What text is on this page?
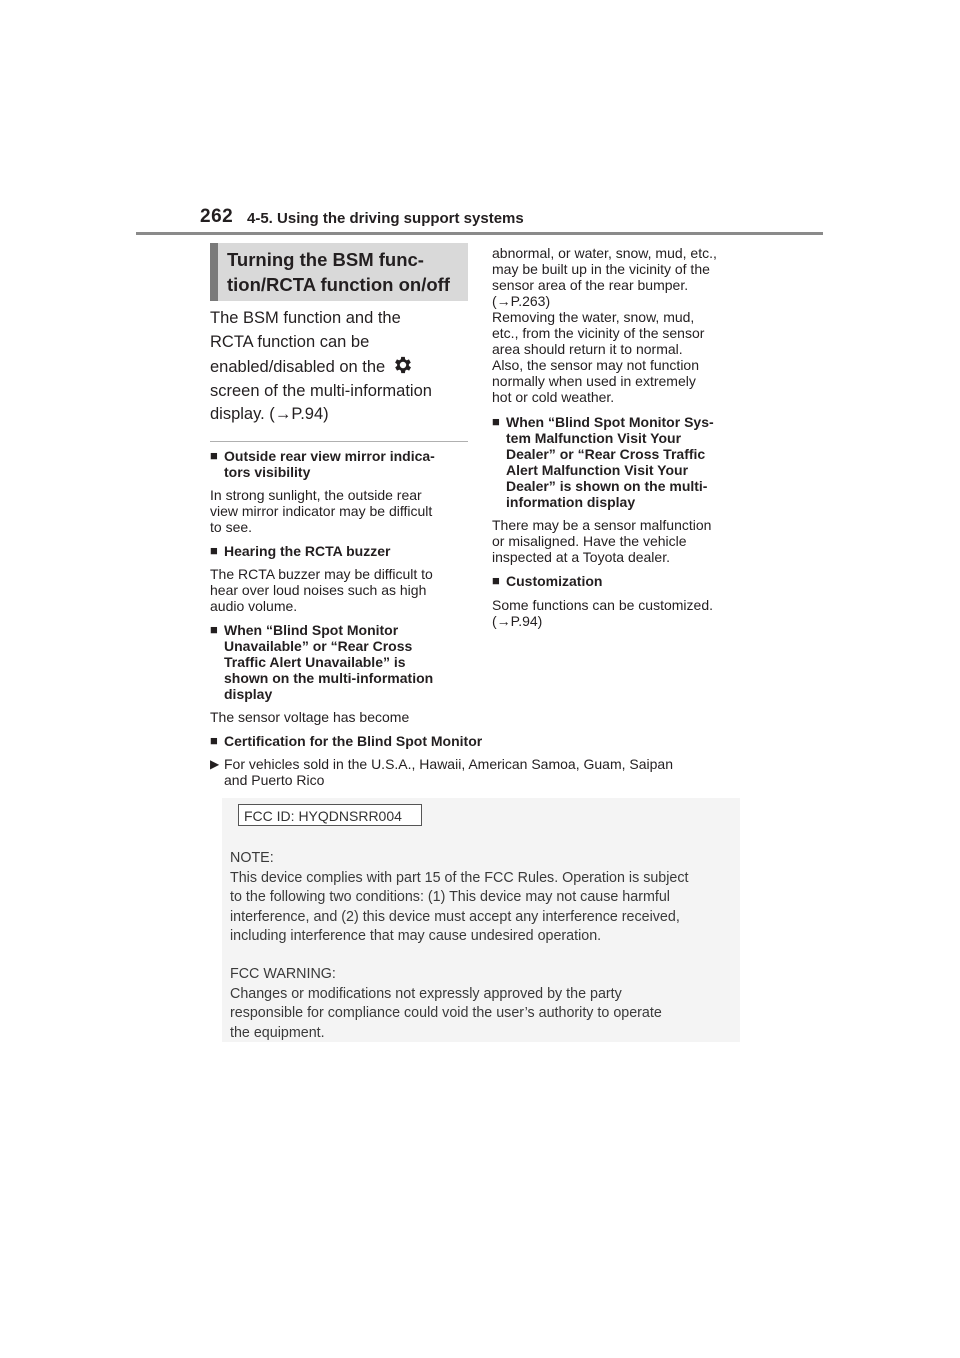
262 4-5. Using the driving support systems
Turning the BSM func-
tion/RCTA function on/off
The BSM function and the
RCTA function can be
enabled/disabled on the
screen of the multi-information
display. (→P.94)
■ Outside rear view mirror indica-
tors visibility
In strong sunlight, the outside rear
view mirror indicator may be difficult
to see.
■ Hearing the RCTA buzzer
The RCTA buzzer may be difficult to
hear over loud noises such as high
audio volume.
■ When “Blind Spot Monitor
Unavailable” or “Rear Cross
Traffic Alert Unavailable” is
shown on the multi-information
display
The sensor voltage has become
abnormal, or water, snow, mud, etc.,
may be built up in the vicinity of the
sensor area of the rear bumper.
(→P.263)
Removing the water, snow, mud,
etc., from the vicinity of the sensor
area should return it to normal.
Also, the sensor may not function
normally when used in extremely
hot or cold weather.
■ When “Blind Spot Monitor Sys-
tem Malfunction Visit Your
Dealer” or “Rear Cross Traffic
Alert Malfunction Visit Your
Dealer” is shown on the multi-
information display
There may be a sensor malfunction
or misaligned. Have the vehicle
inspected at a Toyota dealer.
■ Customization
Some functions can be customized.
(→P.94)
■ Certification for the Blind Spot Monitor
▶ For vehicles sold in the U.S.A., Hawaii, American Samoa, Guam, Saipan
and Puerto Rico
FCC ID: HYQDNSRR004
NOTE:
This device complies with part 15 of the FCC Rules. Operation is subject
to the following two conditions: (1) This device may not cause harmful
interference, and (2) this device must accept any interference received,
including interference that may cause undesired operation.
FCC WARNING:
Changes or modifications not expressly approved by the party
responsible for compliance could void the user’s authority to operate
the equipment.
